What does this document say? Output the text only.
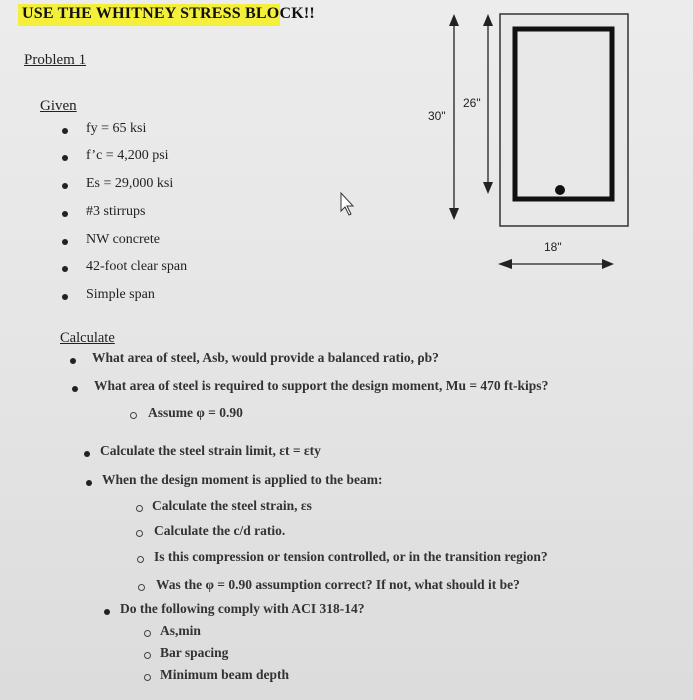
USE THE WHITNEY STRESS BLOCK!!
Problem 1
Given
fy = 65 ksi
f’c = 4,200 psi
Es = 29,000 ksi
#3 stirrups
NW concrete
42-foot clear span
Simple span
30"
26"
18"
Calculate
What area of steel, Asb, would provide a balanced ratio, ρb?
What area of steel is required to support the design moment, Mu = 470 ft-kips?
Assume φ = 0.90
Calculate the steel strain limit, εt = εty
When the design moment is applied to the beam:
Calculate the steel strain, εs
Calculate the c/d ratio.
Is this compression or tension controlled, or in the transition region?
Was the φ = 0.90 assumption correct? If not, what should it be?
Do the following comply with ACI 318-14?
As,min
Bar spacing
Minimum beam depth
